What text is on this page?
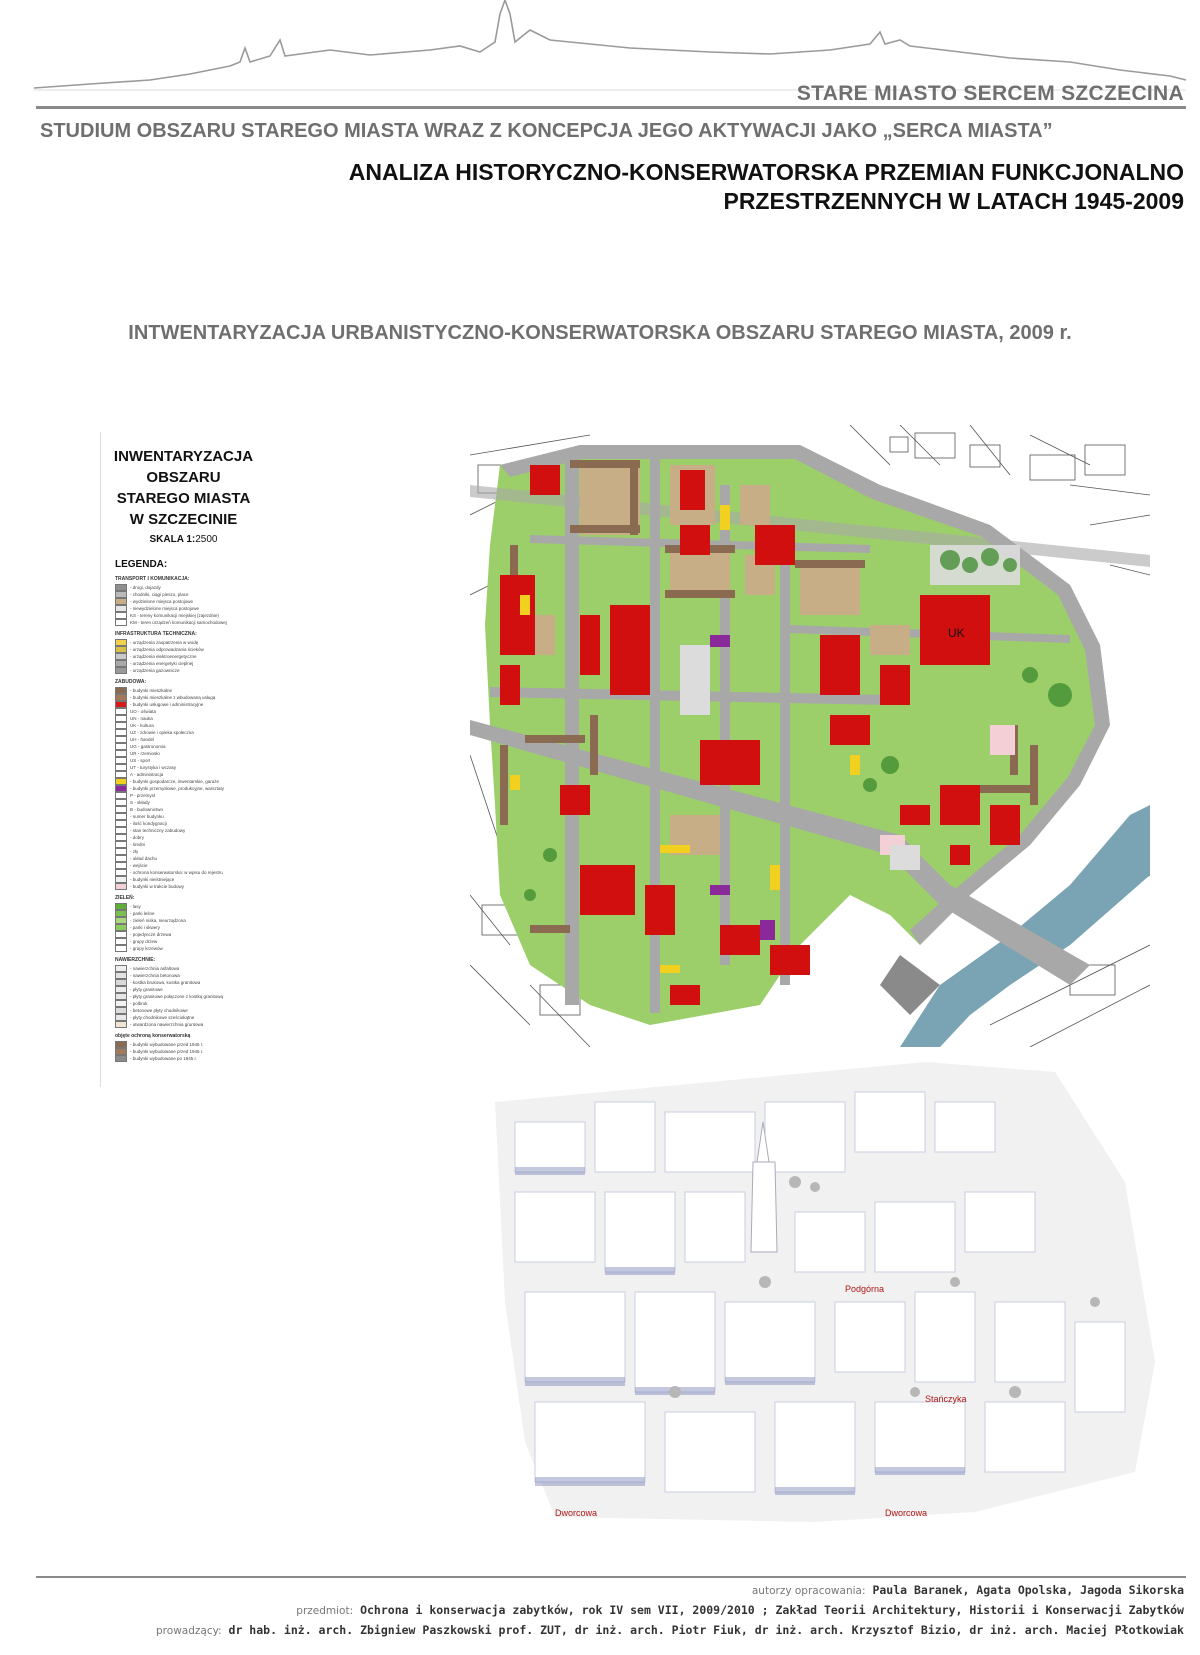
STARE MIASTO SERCEM SZCZECINA
STUDIUM OBSZARU STAREGO MIASTA WRAZ Z KONCEPCJA JEGO AKTYWACJI JAKO „SERCA MIASTA”
ANALIZA HISTORYCZNO-KONSERWATORSKA PRZEMIAN FUNKCJONALNO
PRZESTRZENNYCH W LATACH 1945-2009
INTWENTARYZACJA URBANISTYCZNO-KONSERWATORSKA OBSZARU STAREGO MIASTA, 2009 r.
INWENTARYZACJA
OBSZARU
STAREGO MIASTA
W SZCZECINIE
SKALA 1:2500
LEGENDA:
TRANSPORT I KOMUNIKACJA:
- drogi, dojazdy
- chodniki, ciągi pieszo, place
- wydzielone miejsca postojowe
- niewydzielone miejsca postojowe
KS - tereny komunikacji miejskiej (zajezdnie)
KM - teren urządzeń komunikacji samochodowej
INFRASTRUKTURA TECHNICZNA:
- urządzenia zaopatrzenia w wodę
- urządzenia odprowadzania ścieków
- urządzenia elektroenergetyczne
- urządzenia energetyki cieplnej
- urządzenia gazownicze
ZABUDOWA:
- budynki mieszkalne
- budynki mieszkalne z wbudowaną usługą
- budynki usługowe i administracyjne
UO - oświata
UN - nauka
UK - kultura
UZ - zdrowie i opieka społeczna
UH - handel
UG - gastronomia
UR - rzemiosło
US - sport
UT - turystyka i wczasy
A - administracja
- budynki gospodarcze, inwentarskie, garaże
- budynki przemysłowe, produkcyjne, warsztaty
P - przemysł
S - składy
B - budownictwo
- numer budynku
- ilość kondygnacji
- stan techniczny zabudowy
- dobry
- średni
- zły
- układ dachu
- wejście
- ochrona konserwatorska: w wpisu do rejestru
- budynki nieistniejące
- budynki w trakcie budowy
ZIELEŃ:
- lasy
- parki leśne
- zieleń niska, nieurządzona
- parki i skwery
- pojedyncze drzewa
- grupy drzew
- grupy krzewów
NAWIERZCHNIE:
- nawierzchnia asfaltowa
- nawierzchnia betonowa
- kostka brukowa, kostka granitowa
- płyty granitowe
- płyty granitowe połączone z kostką granitową
- polbruk
- betonowe płyty chodnikowe
- płyty chodnikowe sześciokątne
- utwardzona nawierzchnia gruntowa
objęte ochroną konserwatorską
- budynki wybudowane przed 1945 r.
- budynki wybudowane przed 1945 r.
- budynki wybudowane po 1945 r.
UK
Dworcowa	Dworcowa
Podgórna
Stańczyka
autorzy opracowania: Paula Baranek, Agata Opolska, Jagoda Sikorska
przedmiot: Ochrona i konserwacja zabytków, rok IV sem VII, 2009/2010 ; Zakład Teorii Architektury, Historii i Konserwacji Zabytków
prowadzący: dr hab. inż. arch. Zbigniew Paszkowski prof. ZUT, dr inż. arch. Piotr Fiuk, dr inż. arch. Krzysztof Bizio, dr inż. arch. Maciej Płotkowiak
